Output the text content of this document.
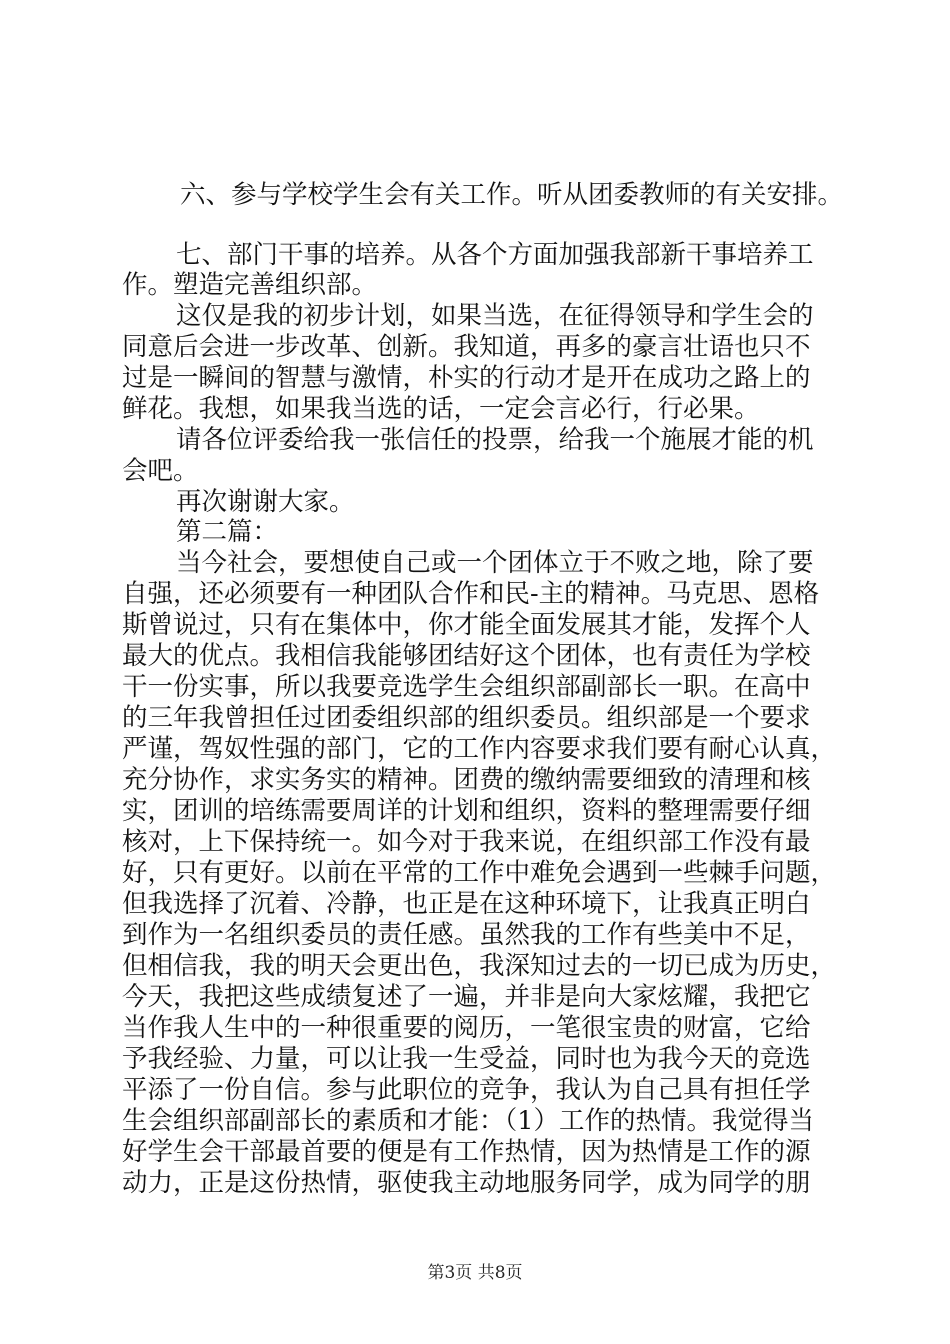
六、参与学校学生会有关工作。听从团委教师的有关安排。
七、部门干事的培养。从各个方面加强我部新干事培养工
作。塑造完善组织部。
这仅是我的初步计划，如果当选，在征得领导和学生会的
同意后会进一步改革、创新。我知道，再多的豪言壮语也只不
过是一瞬间的智慧与激情，朴实的行动才是开在成功之路上的
鲜花。我想，如果我当选的话，一定会言必行，行必果。
请各位评委给我一张信任的投票，给我一个施展才能的机
会吧。
再次谢谢大家。
第二篇：
当今社会，要想使自己或一个团体立于不败之地，除了要
自强，还必须要有一种团队合作和民-主的精神。马克思、恩格
斯曾说过，只有在集体中，你才能全面发展其才能，发挥个人
最大的优点。我相信我能够团结好这个团体，也有责任为学校
干一份实事，所以我要竞选学生会组织部副部长一职。在高中
的三年我曾担任过团委组织部的组织委员。组织部是一个要求
严谨，驾奴性强的部门，它的工作内容要求我们要有耐心认真，
充分协作，求实务实的精神。团费的缴纳需要细致的清理和核
实，团训的培练需要周详的计划和组织，资料的整理需要仔细
核对，上下保持统一。如今对于我来说，在组织部工作没有最
好，只有更好。以前在平常的工作中难免会遇到一些棘手问题，
但我选择了沉着、冷静，也正是在这种环境下，让我真正明白
到作为一名组织委员的责任感。虽然我的工作有些美中不足，
但相信我，我的明天会更出色，我深知过去的一切已成为历史，
今天，我把这些成绩复述了一遍，并非是向大家炫耀，我把它
当作我人生中的一种很重要的阅历，一笔很宝贵的财富，它给
予我经验、力量，可以让我一生受益，同时也为我今天的竞选
平添了一份自信。参与此职位的竞争，我认为自己具有担任学
生会组织部副部长的素质和才能：（1）工作的热情。我觉得当
好学生会干部最首要的便是有工作热情，因为热情是工作的源
动力，正是这份热情，驱使我主动地服务同学，成为同学的朋
第3页 共8页
